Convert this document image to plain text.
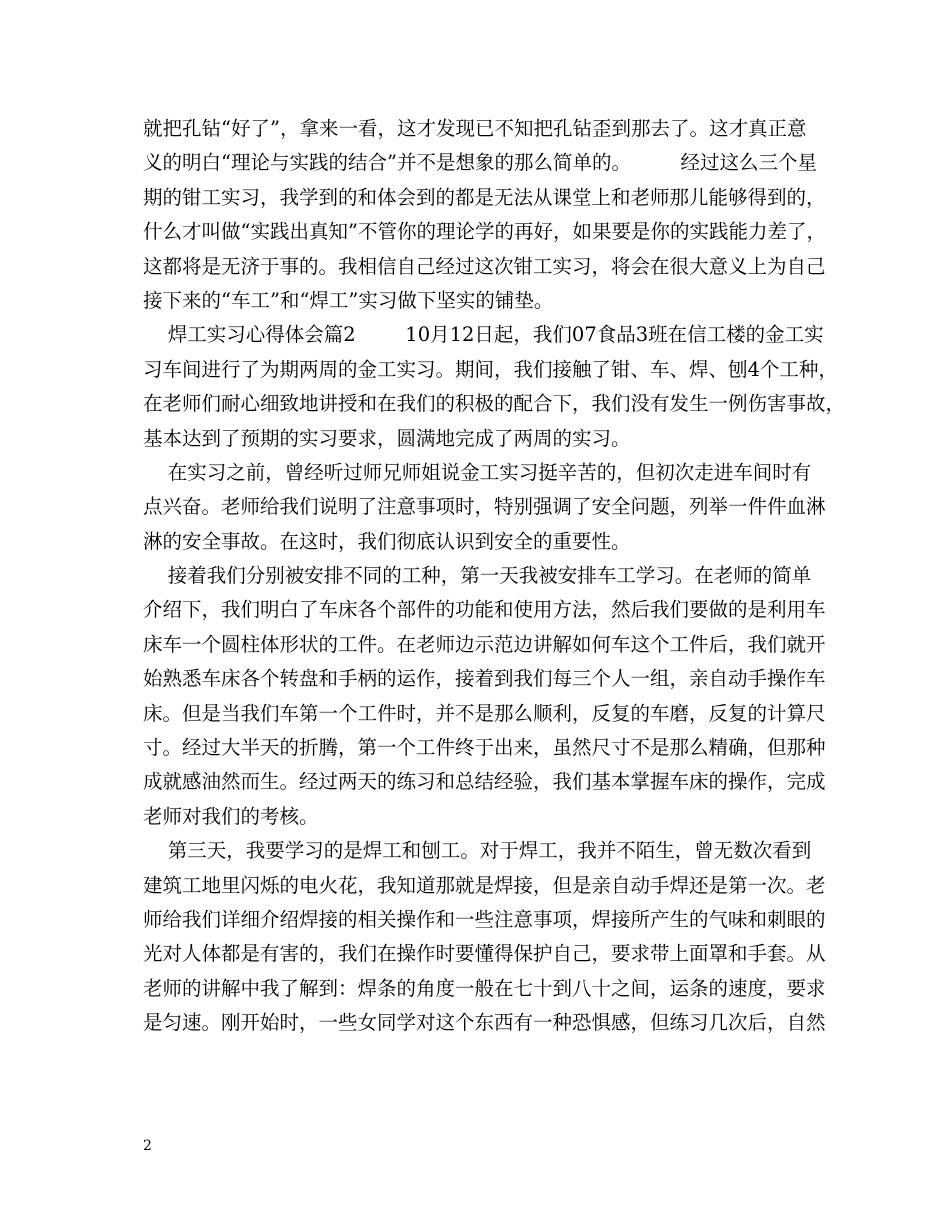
就把孔钻“好了”，拿来一看，这才发现已不知把孔钻歪到那去了。这才真正意
义的明白“理论与实践的结合”并不是想象的那么简单的。        经过这么三个星
期的钳工实习，我学到的和体会到的都是无法从课堂上和老师那儿能够得到的，
什么才叫做“实践出真知”不管你的理论学的再好，如果要是你的实践能力差了，
这都将是无济于事的。我相信自己经过这次钳工实习，将会在很大意义上为自己
接下来的“车工”和“焊工”实习做下坚实的铺垫。
焊工实习心得体会篇2        10月12日起，我们07食品3班在信工楼的金工实
习车间进行了为期两周的金工实习。期间，我们接触了钳、车、焊、刨4个工种，
在老师们耐心细致地讲授和在我们的积极的配合下，我们没有发生一例伤害事故，
基本达到了预期的实习要求，圆满地完成了两周的实习。
在实习之前，曾经听过师兄师姐说金工实习挺辛苦的，但初次走进车间时有
点兴奋。老师给我们说明了注意事项时，特别强调了安全问题，列举一件件血淋
淋的安全事故。在这时，我们彻底认识到安全的重要性。
接着我们分别被安排不同的工种，第一天我被安排车工学习。在老师的简单
介绍下，我们明白了车床各个部件的功能和使用方法，然后我们要做的是利用车
床车一个圆柱体形状的工件。在老师边示范边讲解如何车这个工件后，我们就开
始熟悉车床各个转盘和手柄的运作，接着到我们每三个人一组，亲自动手操作车
床。但是当我们车第一个工件时，并不是那么顺利，反复的车磨，反复的计算尺
寸。经过大半天的折腾，第一个工件终于出来，虽然尺寸不是那么精确，但那种
成就感油然而生。经过两天的练习和总结经验，我们基本掌握车床的操作，完成
老师对我们的考核。
第三天，我要学习的是焊工和刨工。对于焊工，我并不陌生，曾无数次看到
建筑工地里闪烁的电火花，我知道那就是焊接，但是亲自动手焊还是第一次。老
师给我们详细介绍焊接的相关操作和一些注意事项，焊接所产生的气味和刺眼的
光对人体都是有害的，我们在操作时要懂得保护自己，要求带上面罩和手套。从
老师的讲解中我了解到：焊条的角度一般在七十到八十之间，运条的速度，要求
是匀速。刚开始时，一些女同学对这个东西有一种恐惧感，但练习几次后，自然
2
